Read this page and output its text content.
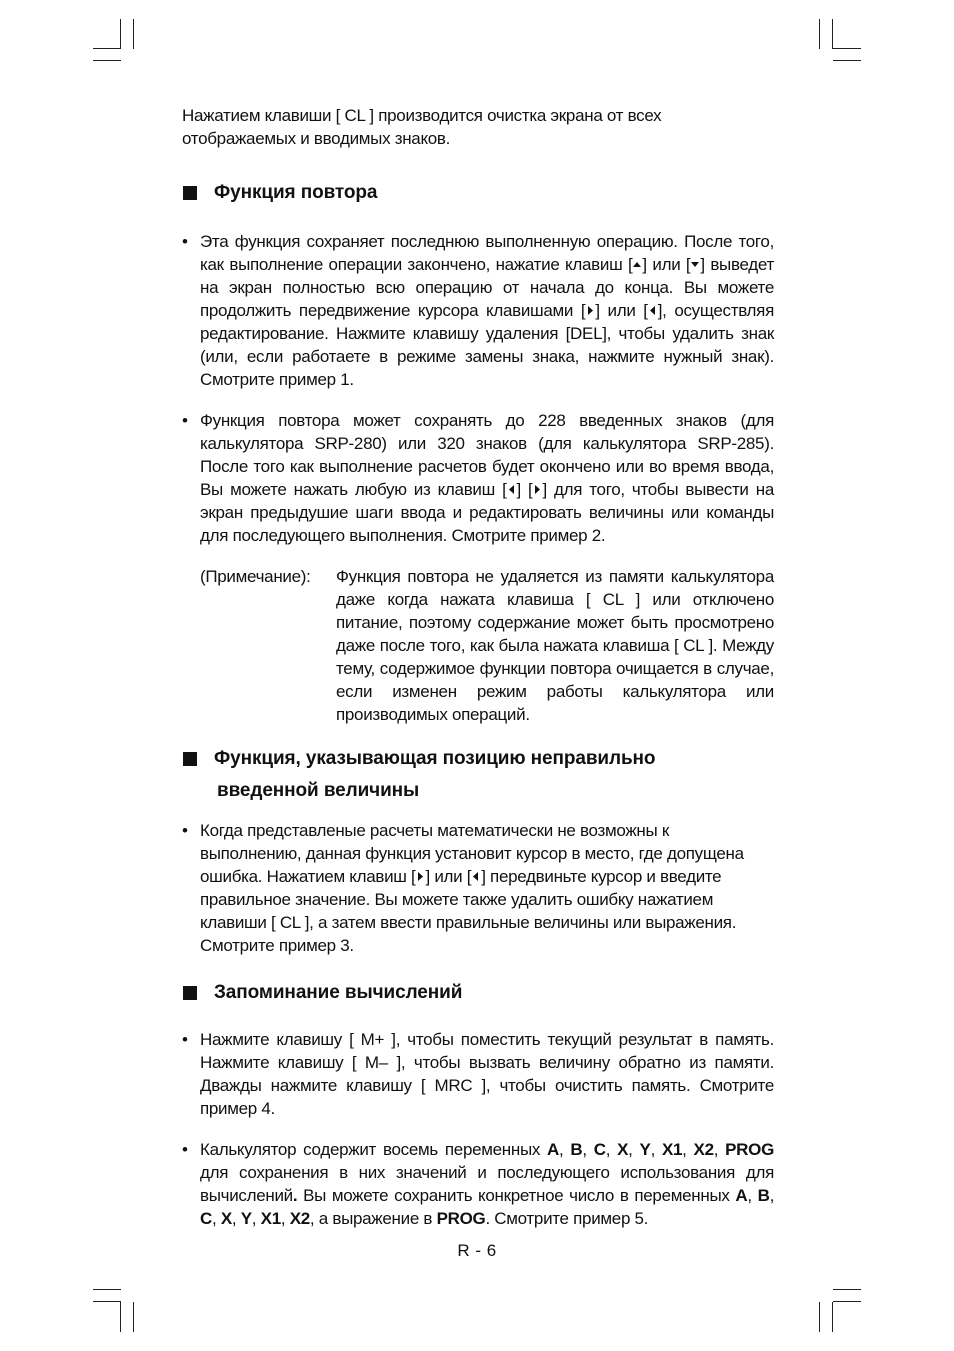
Нажатием клавиши [ CL ] производится очистка экрана от всех отображаемых и вводимых знаков.

Функция повтора

• Эта функция сохраняет последнюю выполненную операцию. После того, как выполнение операции закончено, нажатие клавиш [ ] или [ ] выведет на экран полностью всю операцию от начала до конца. Вы можете продолжить передвижение курсора клавишами [ ] или [ ], осуществляя редактирование. Нажмите клавишу удаления [DEL], чтобы удалить знак (или, если работаете в режиме замены знака, нажмите нужный знак). Смотрите пример 1.

• Функция повтора может сохранять до 228 введенных знаков (для калькулятора SRP-280) или 320 знаков (для калькулятора SRP-285). После того как выполнение расчетов будет окончено или во время ввода, Вы можете нажать любую из клавиш [ ] [ ] для того, чтобы вывести на экран предыдушие шаги ввода и редактировать величины или команды для последующего выполнения. Смотрите пример 2.

(Примечание):	Функция повтора не удаляется из памяти калькулятора даже когда нажата клавиша [ CL ] или отключено питание, поэтому содержание может быть просмотрено даже после того, как была нажата клавиша [ CL ]. Между тему, содержимое функции повтора очищается в случае, если изменен режим работы калькулятора или производимых операций.
Функция, указывающая позицию неправильно
введенной величины

• Когда представленые расчеты математически не возможны к выполнению, данная функция установит курсор в место, где допущена ошибка. Нажатием клавиш [ ] или [ ] передвиньте курсор и введите правильное значение. Вы можете также удалить ошибку нажатием клавиши [ CL ], а затем ввести правильные величины или выражения. Смотрите пример 3.

Запоминание вычислений

• Нажмите клавишу [ M+ ], чтобы поместить текущий результат в память. Нажмите клавишу [ M– ], чтобы вызвать величину обратно из памяти. Дважды нажмите клавишу [ MRC ], чтобы очистить память. Смотрите пример 4.

• Калькулятор содержит восемь переменных A, B, C, X, Y, X1, X2, PROG для сохранения в них значений и последующего использования для вычислений. Вы можете сохранить конкретное число в переменных A, B, C, X, Y, X1, X2, а выражение в PROG. Смотрите пример 5.

R - 6
